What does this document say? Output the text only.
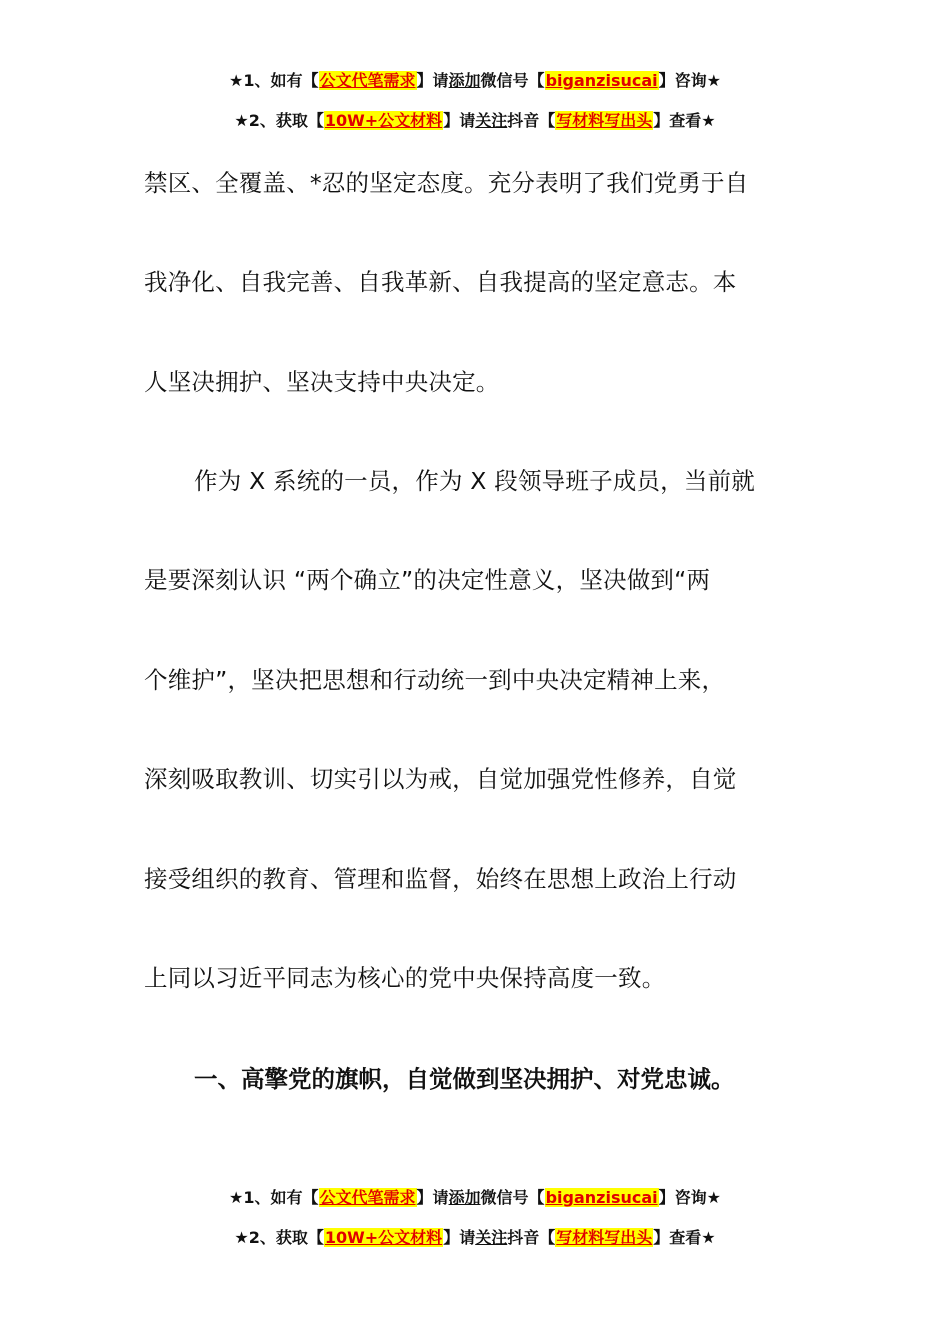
★1、如有【公文代笔需求】请添加微信号【biganzisucai】咨询★
★2、获取【10W+公文材料】请关注抖音【写材料写出头】查看★
禁区、全覆盖、*忍的坚定态度。充分表明了我们党勇于自
我净化、自我完善、自我革新、自我提高的坚定意志。本
人坚决拥护、坚决支持中央决定。
作为 X 系统的一员，作为 X 段领导班子成员，当前就
是要深刻认识 “两个确立”的决定性意义，坚决做到“两
个维护”，坚决把思想和行动统一到中央决定精神上来，
深刻吸取教训、切实引以为戒，自觉加强党性修养，自觉
接受组织的教育、管理和监督，始终在思想上政治上行动
上同以习近平同志为核心的党中央保持高度一致。
一、高擎党的旗帜，自觉做到坚决拥护、对党忠诚。
★1、如有【公文代笔需求】请添加微信号【biganzisucai】咨询★
★2、获取【10W+公文材料】请关注抖音【写材料写出头】查看★
